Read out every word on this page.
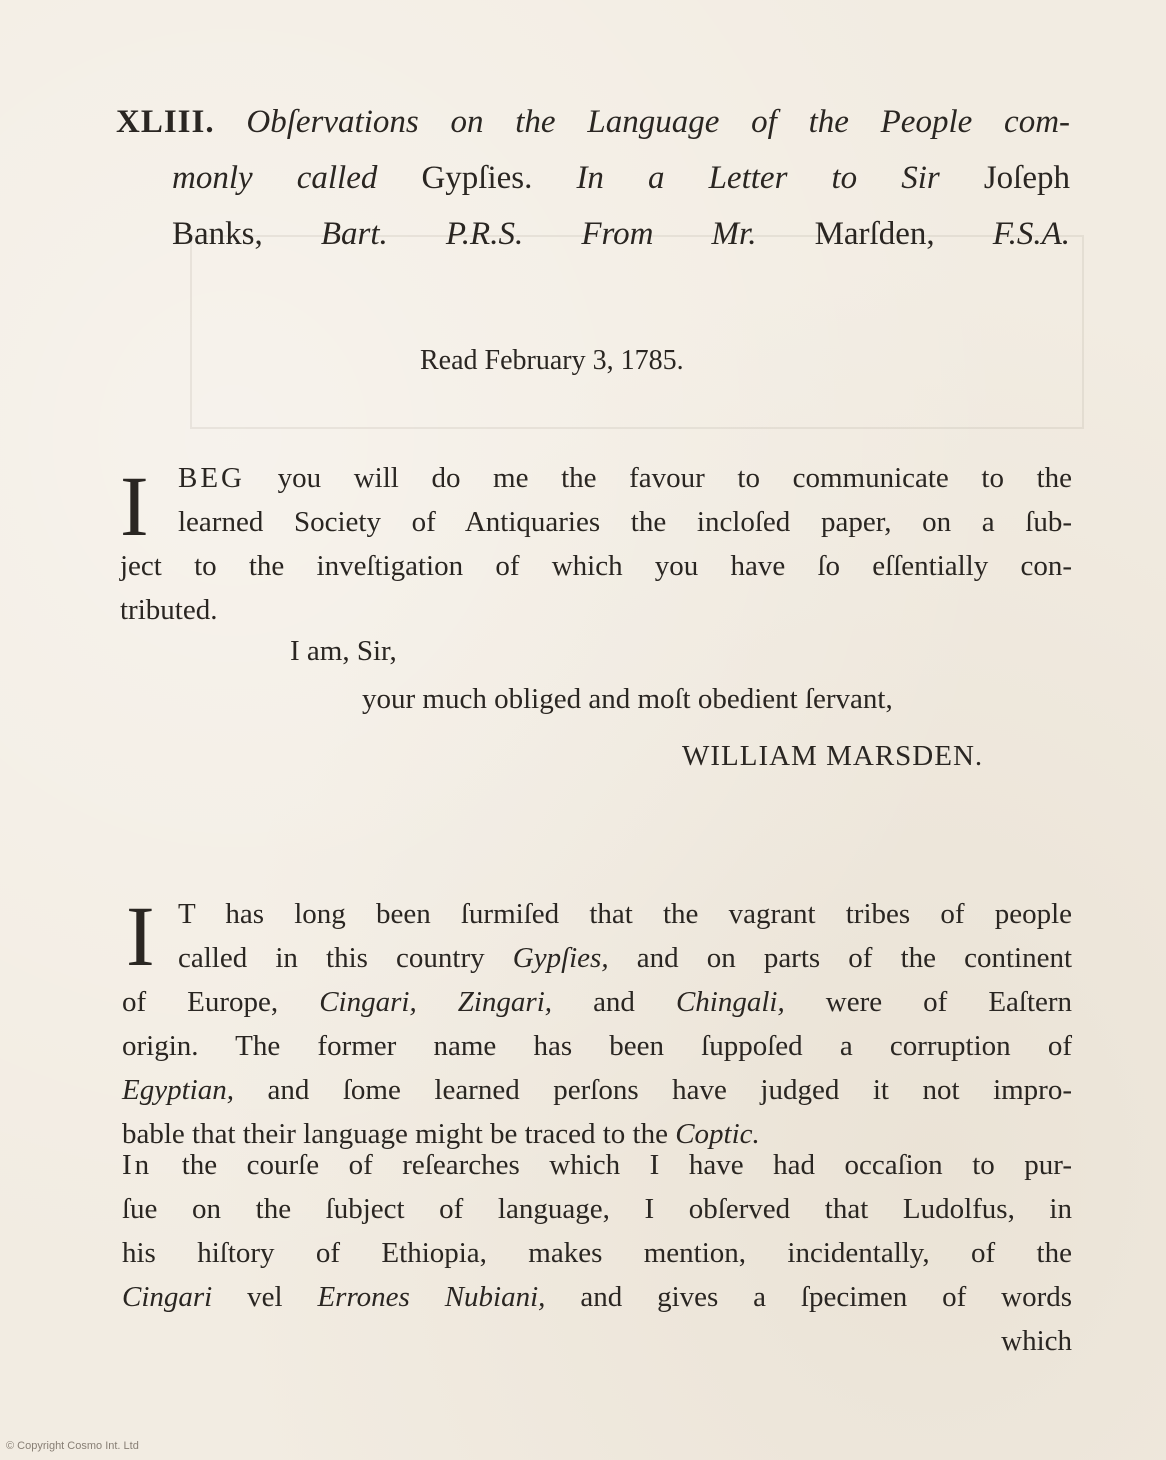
XLIII. Obſervations on the Language of the People com-
monly called Gypſies. In a Letter to Sir Joſeph
Banks, Bart. P.R.S. From Mr. Marſden, F.S.A.
Read February 3, 1785.
I	BEG you will do me the favour to communicate to the
learned Society of Antiquaries the incloſed paper, on a ſub-
ject to the inveſtigation of which you have ſo eſſentially con-
tributed.
I am, Sir,
your much obliged and moſt obedient ſervant,
WILLIAM MARSDEN.
I T has long been ſurmiſed that the vagrant tribes of people
called in this country Gypſies, and on parts of the continent
of Europe, Cingari, Zingari, and Chingali, were of Eaſtern
origin. The former name has been ſuppoſed a corruption of
Egyptian, and ſome learned perſons have judged it not impro-
bable that their language might be traced to the Coptic.
In the courſe of reſearches which I have had occaſion to pur-
ſue on the ſubject of language, I obſerved that Ludolfus, in
his hiſtory of Ethiopia, makes mention, incidentally, of the
Cingari vel Errones Nubiani, and gives a ſpecimen of words
which
© Copyright Cosmo Int. Ltd
